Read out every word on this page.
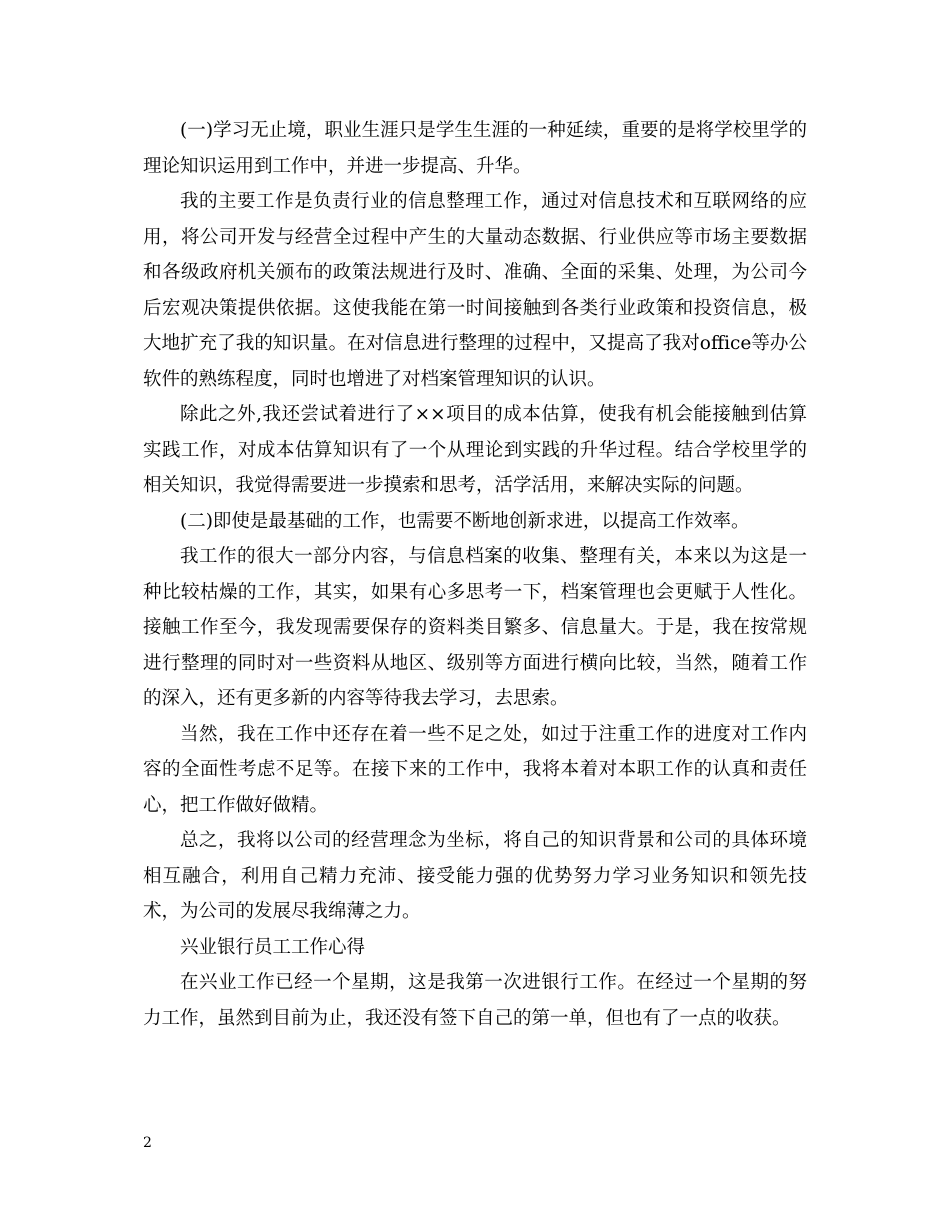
(一)学习无止境，职业生涯只是学生生涯的一种延续，重要的是将学校里学的理论知识运用到工作中，并进一步提高、升华。

我的主要工作是负责行业的信息整理工作，通过对信息技术和互联网络的应用，将公司开发与经营全过程中产生的大量动态数据、行业供应等市场主要数据和各级政府机关颁布的政策法规进行及时、准确、全面的采集、处理，为公司今后宏观决策提供依据。这使我能在第一时间接触到各类行业政策和投资信息，极大地扩充了我的知识量。在对信息进行整理的过程中，又提高了我对office等办公软件的熟练程度，同时也增进了对档案管理知识的认识。

除此之外,我还尝试着进行了××项目的成本估算，使我有机会能接触到估算实践工作，对成本估算知识有了一个从理论到实践的升华过程。结合学校里学的相关知识，我觉得需要进一步摸索和思考，活学活用，来解决实际的问题。

(二)即使是最基础的工作，也需要不断地创新求进，以提高工作效率。

我工作的很大一部分内容，与信息档案的收集、整理有关，本来以为这是一种比较枯燥的工作，其实，如果有心多思考一下，档案管理也会更赋于人性化。接触工作至今，我发现需要保存的资料类目繁多、信息量大。于是，我在按常规进行整理的同时对一些资料从地区、级别等方面进行横向比较，当然，随着工作的深入，还有更多新的内容等待我去学习，去思索。

当然，我在工作中还存在着一些不足之处，如过于注重工作的进度对工作内容的全面性考虑不足等。在接下来的工作中，我将本着对本职工作的认真和责任心，把工作做好做精。

总之，我将以公司的经营理念为坐标，将自己的知识背景和公司的具体环境相互融合，利用自己精力充沛、接受能力强的优势努力学习业务知识和领先技术，为公司的发展尽我绵薄之力。

兴业银行员工工作心得

在兴业工作已经一个星期，这是我第一次进银行工作。在经过一个星期的努力工作，虽然到目前为止，我还没有签下自己的第一单，但也有了一点的收获。

2
